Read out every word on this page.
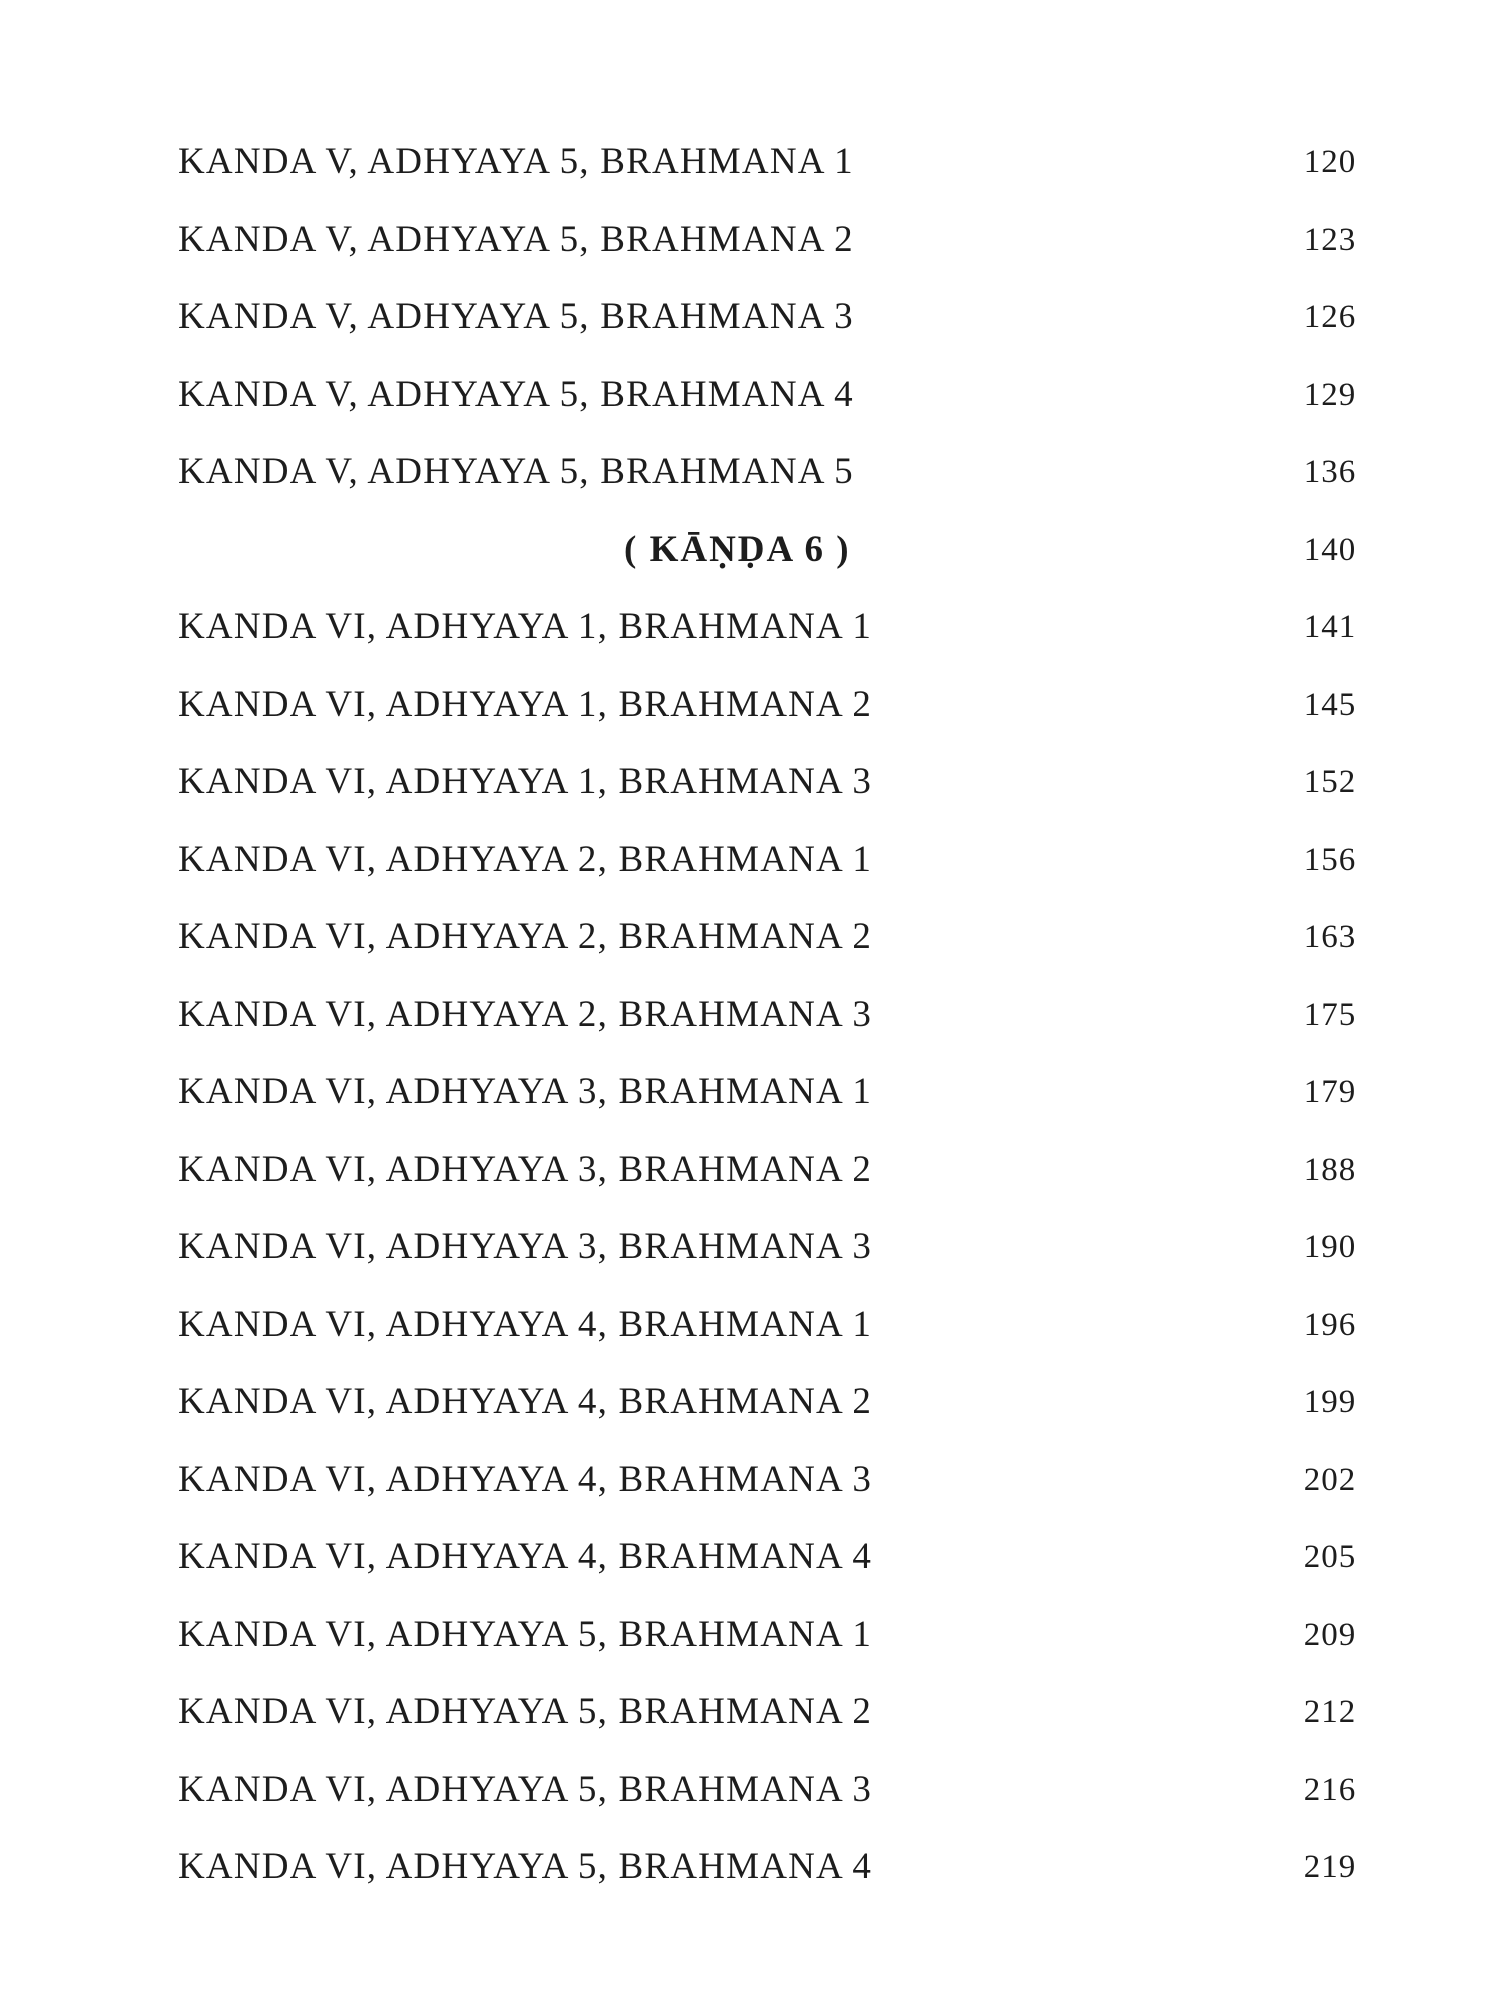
KANDA V, ADHYAYA 5, BRAHMANA 1	120
KANDA V, ADHYAYA 5, BRAHMANA 2	123
KANDA V, ADHYAYA 5, BRAHMANA 3	126
KANDA V, ADHYAYA 5, BRAHMANA 4	129
KANDA V, ADHYAYA 5, BRAHMANA 5	136
( KĀṆḌA 6 )	140
KANDA VI, ADHYAYA 1, BRAHMANA 1	141
KANDA VI, ADHYAYA 1, BRAHMANA 2	145
KANDA VI, ADHYAYA 1, BRAHMANA 3	152
KANDA VI, ADHYAYA 2, BRAHMANA 1	156
KANDA VI, ADHYAYA 2, BRAHMANA 2	163
KANDA VI, ADHYAYA 2, BRAHMANA 3	175
KANDA VI, ADHYAYA 3, BRAHMANA 1	179
KANDA VI, ADHYAYA 3, BRAHMANA 2	188
KANDA VI, ADHYAYA 3, BRAHMANA 3	190
KANDA VI, ADHYAYA 4, BRAHMANA 1	196
KANDA VI, ADHYAYA 4, BRAHMANA 2	199
KANDA VI, ADHYAYA 4, BRAHMANA 3	202
KANDA VI, ADHYAYA 4, BRAHMANA 4	205
KANDA VI, ADHYAYA 5, BRAHMANA 1	209
KANDA VI, ADHYAYA 5, BRAHMANA 2	212
KANDA VI, ADHYAYA 5, BRAHMANA 3	216
KANDA VI, ADHYAYA 5, BRAHMANA 4	219
